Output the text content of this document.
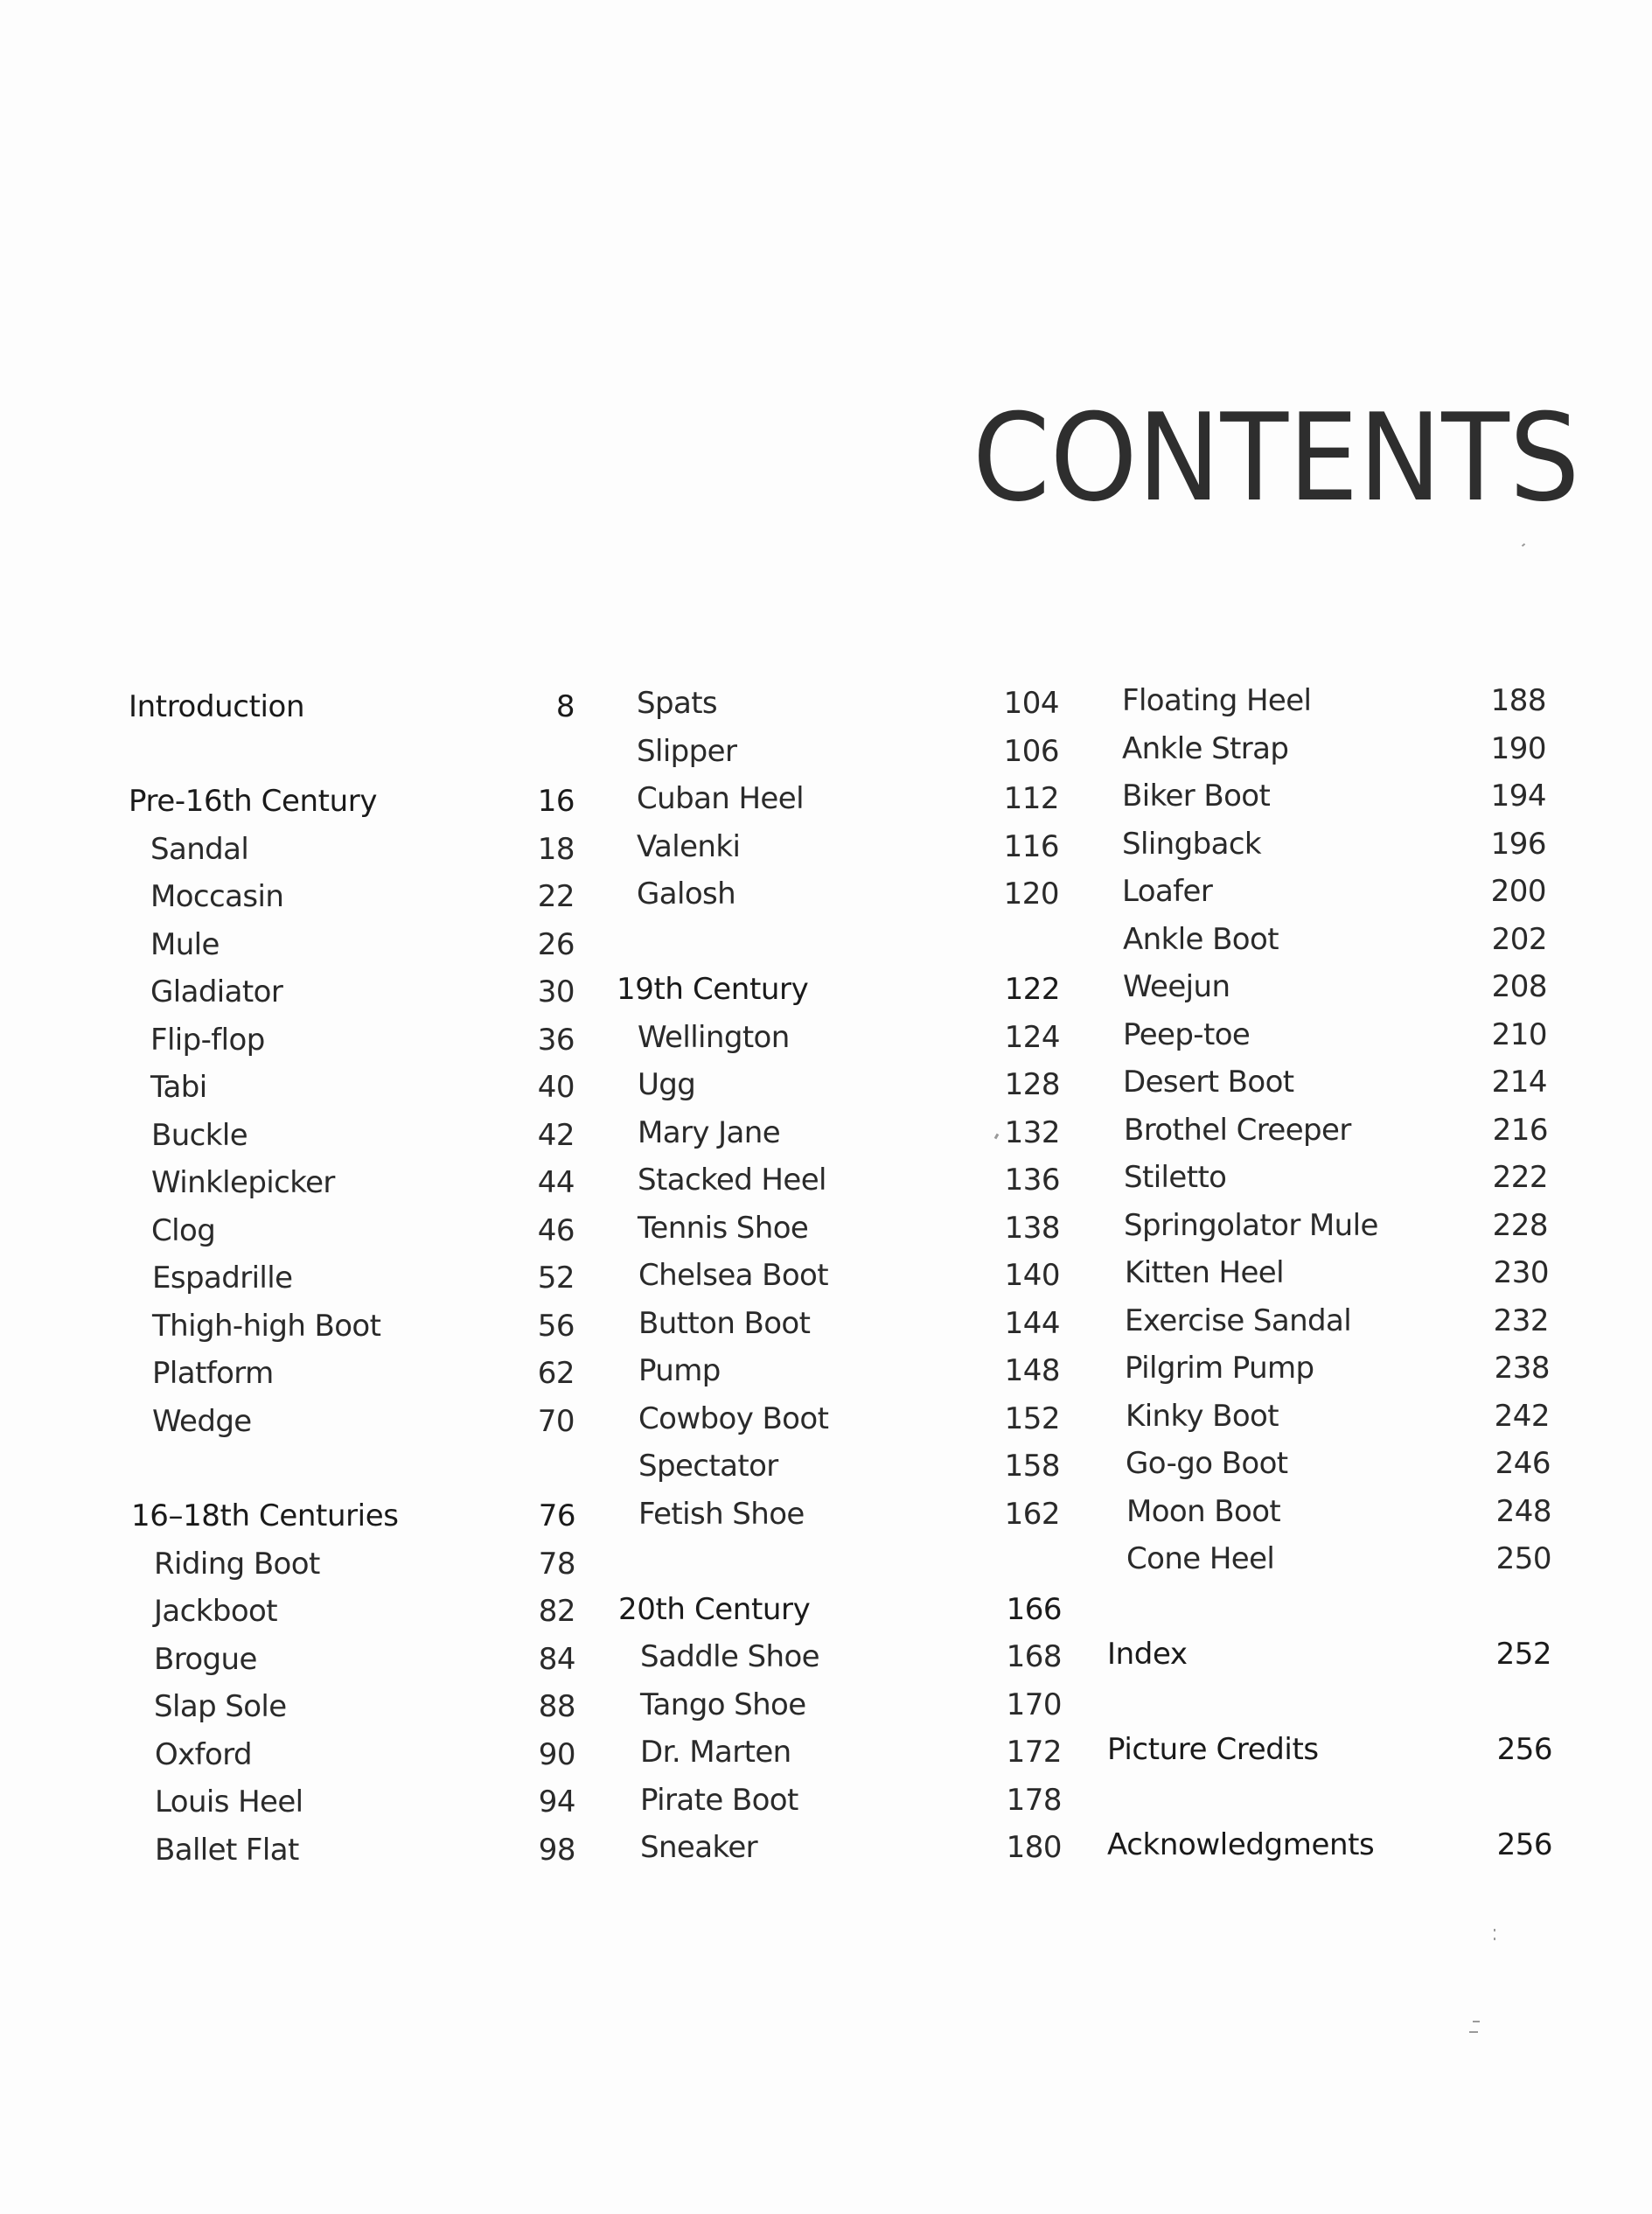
CONTENTS
Introduction	8
Pre-16th Century	16
Sandal	18
Moccasin	22
Mule	26
Gladiator	30
Flip-flop	36
Tabi	40
Buckle	42
Winklepicker	44
Clog	46
Espadrille	52
Thigh-high Boot	56
Platform	62
Wedge	70
16–18th Centuries	76
Riding Boot	78
Jackboot	82
Brogue	84
Slap Sole	88
Oxford	90
Louis Heel	94
Ballet Flat	98
Spats	104
Slipper	106
Cuban Heel	112
Valenki	116
Galosh	120
19th Century	122
Wellington	124
Ugg	128
Mary Jane	132
Stacked Heel	136
Tennis Shoe	138
Chelsea Boot	140
Button Boot	144
Pump	148
Cowboy Boot	152
Spectator	158
Fetish Shoe	162
20th Century	166
Saddle Shoe	168
Tango Shoe	170
Dr. Marten	172
Pirate Boot	178
Sneaker	180
Floating Heel	188
Ankle Strap	190
Biker Boot	194
Slingback	196
Loafer	200
Ankle Boot	202
Weejun	208
Peep-toe	210
Desert Boot	214
Brothel Creeper	216
Stiletto	222
Springolator Mule	228
Kitten Heel	230
Exercise Sandal	232
Pilgrim Pump	238
Kinky Boot	242
Go-go Boot	246
Moon Boot	248
Cone Heel	250
Index	252
Picture Credits	256
Acknowledgments	256
